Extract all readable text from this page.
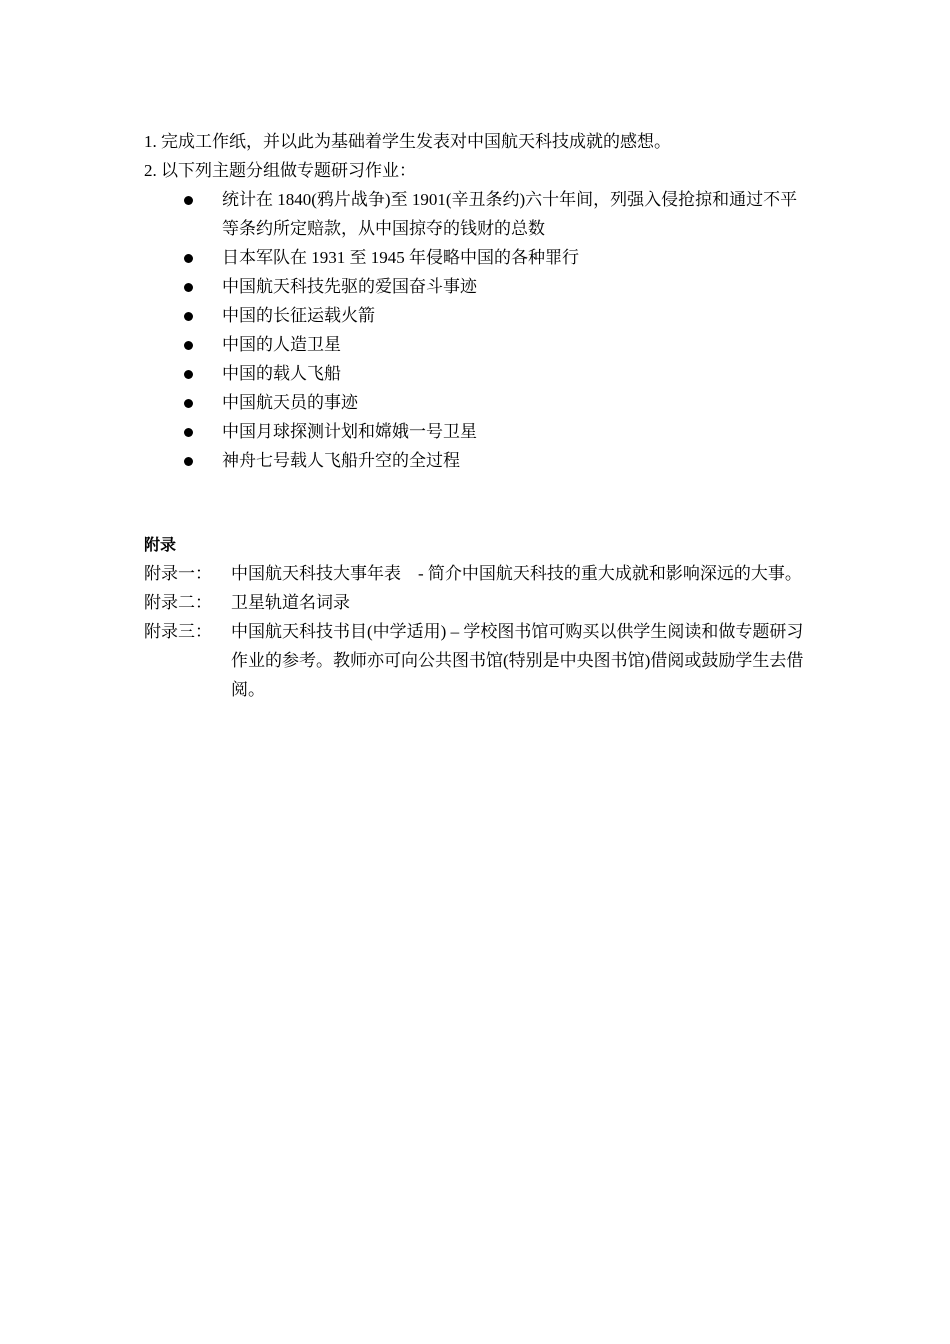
1. 完成工作纸，并以此为基础着学生发表对中国航天科技成就的感想。
2. 以下列主题分组做专题研习作业：
统计在 1840(鸦片战争)至 1901(辛丑条约)六十年间，列强入侵抢掠和通过不平等条约所定赔款，从中国掠夺的钱财的总数
日本军队在 1931 至 1945 年侵略中国的各种罪行
中国航天科技先驱的爱国奋斗事迹
中国的长征运载火箭
中国的人造卫星
中国的载人飞船
中国航天员的事迹
中国月球探测计划和嫦娥一号卫星
神舟七号载人飞船升空的全过程
附录
附录一：	中国航天科技大事年表　- 简介中国航天科技的重大成就和影响深远的大事。
附录二：	卫星轨道名词录
附录三：	中国航天科技书目(中学适用) – 学校图书馆可购买以供学生阅读和做专题研习作业的参考。教师亦可向公共图书馆(特别是中央图书馆)借阅或鼓励学生去借阅。
